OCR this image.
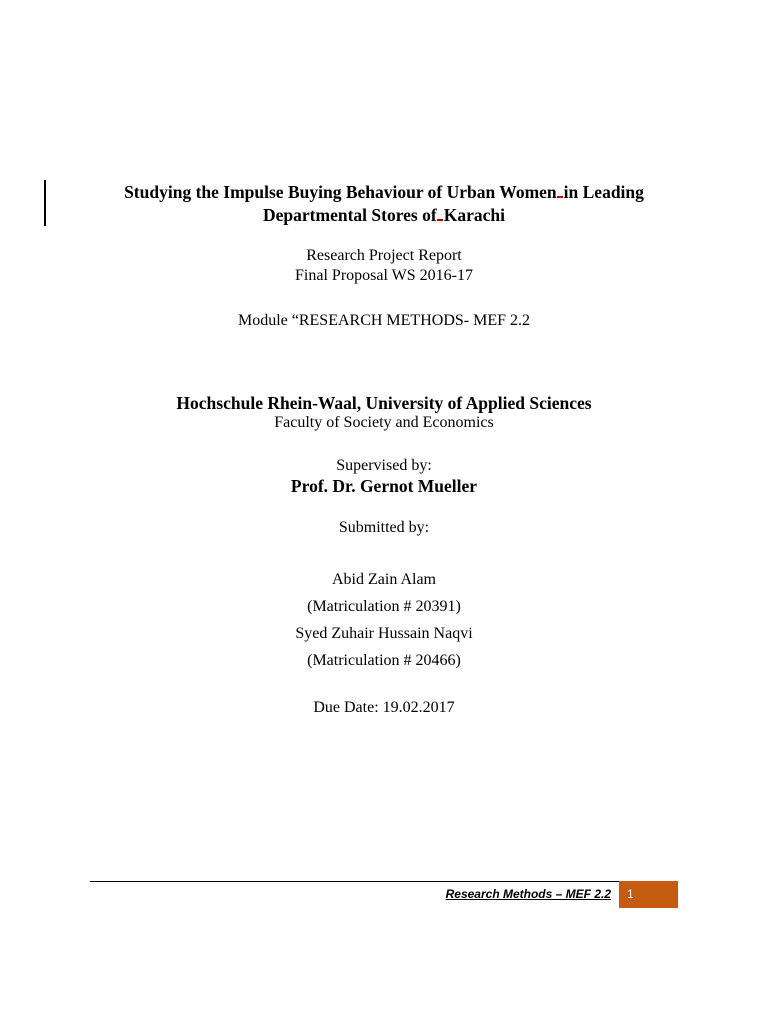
Studying the Impulse Buying Behaviour of Urban Women in Leading
Departmental Stores of Karachi
Research Project Report
Final Proposal WS 2016-17
Module “RESEARCH METHODS- MEF 2.2
Hochschule Rhein-Waal, University of Applied Sciences
Faculty of Society and Economics
Supervised by:
Prof. Dr. Gernot Mueller
Submitted by:
Abid Zain Alam
(Matriculation # 20391)
Syed Zuhair Hussain Naqvi
(Matriculation # 20466)
Due Date: 19.02.2017
Research Methods – MEF 2.2 1
